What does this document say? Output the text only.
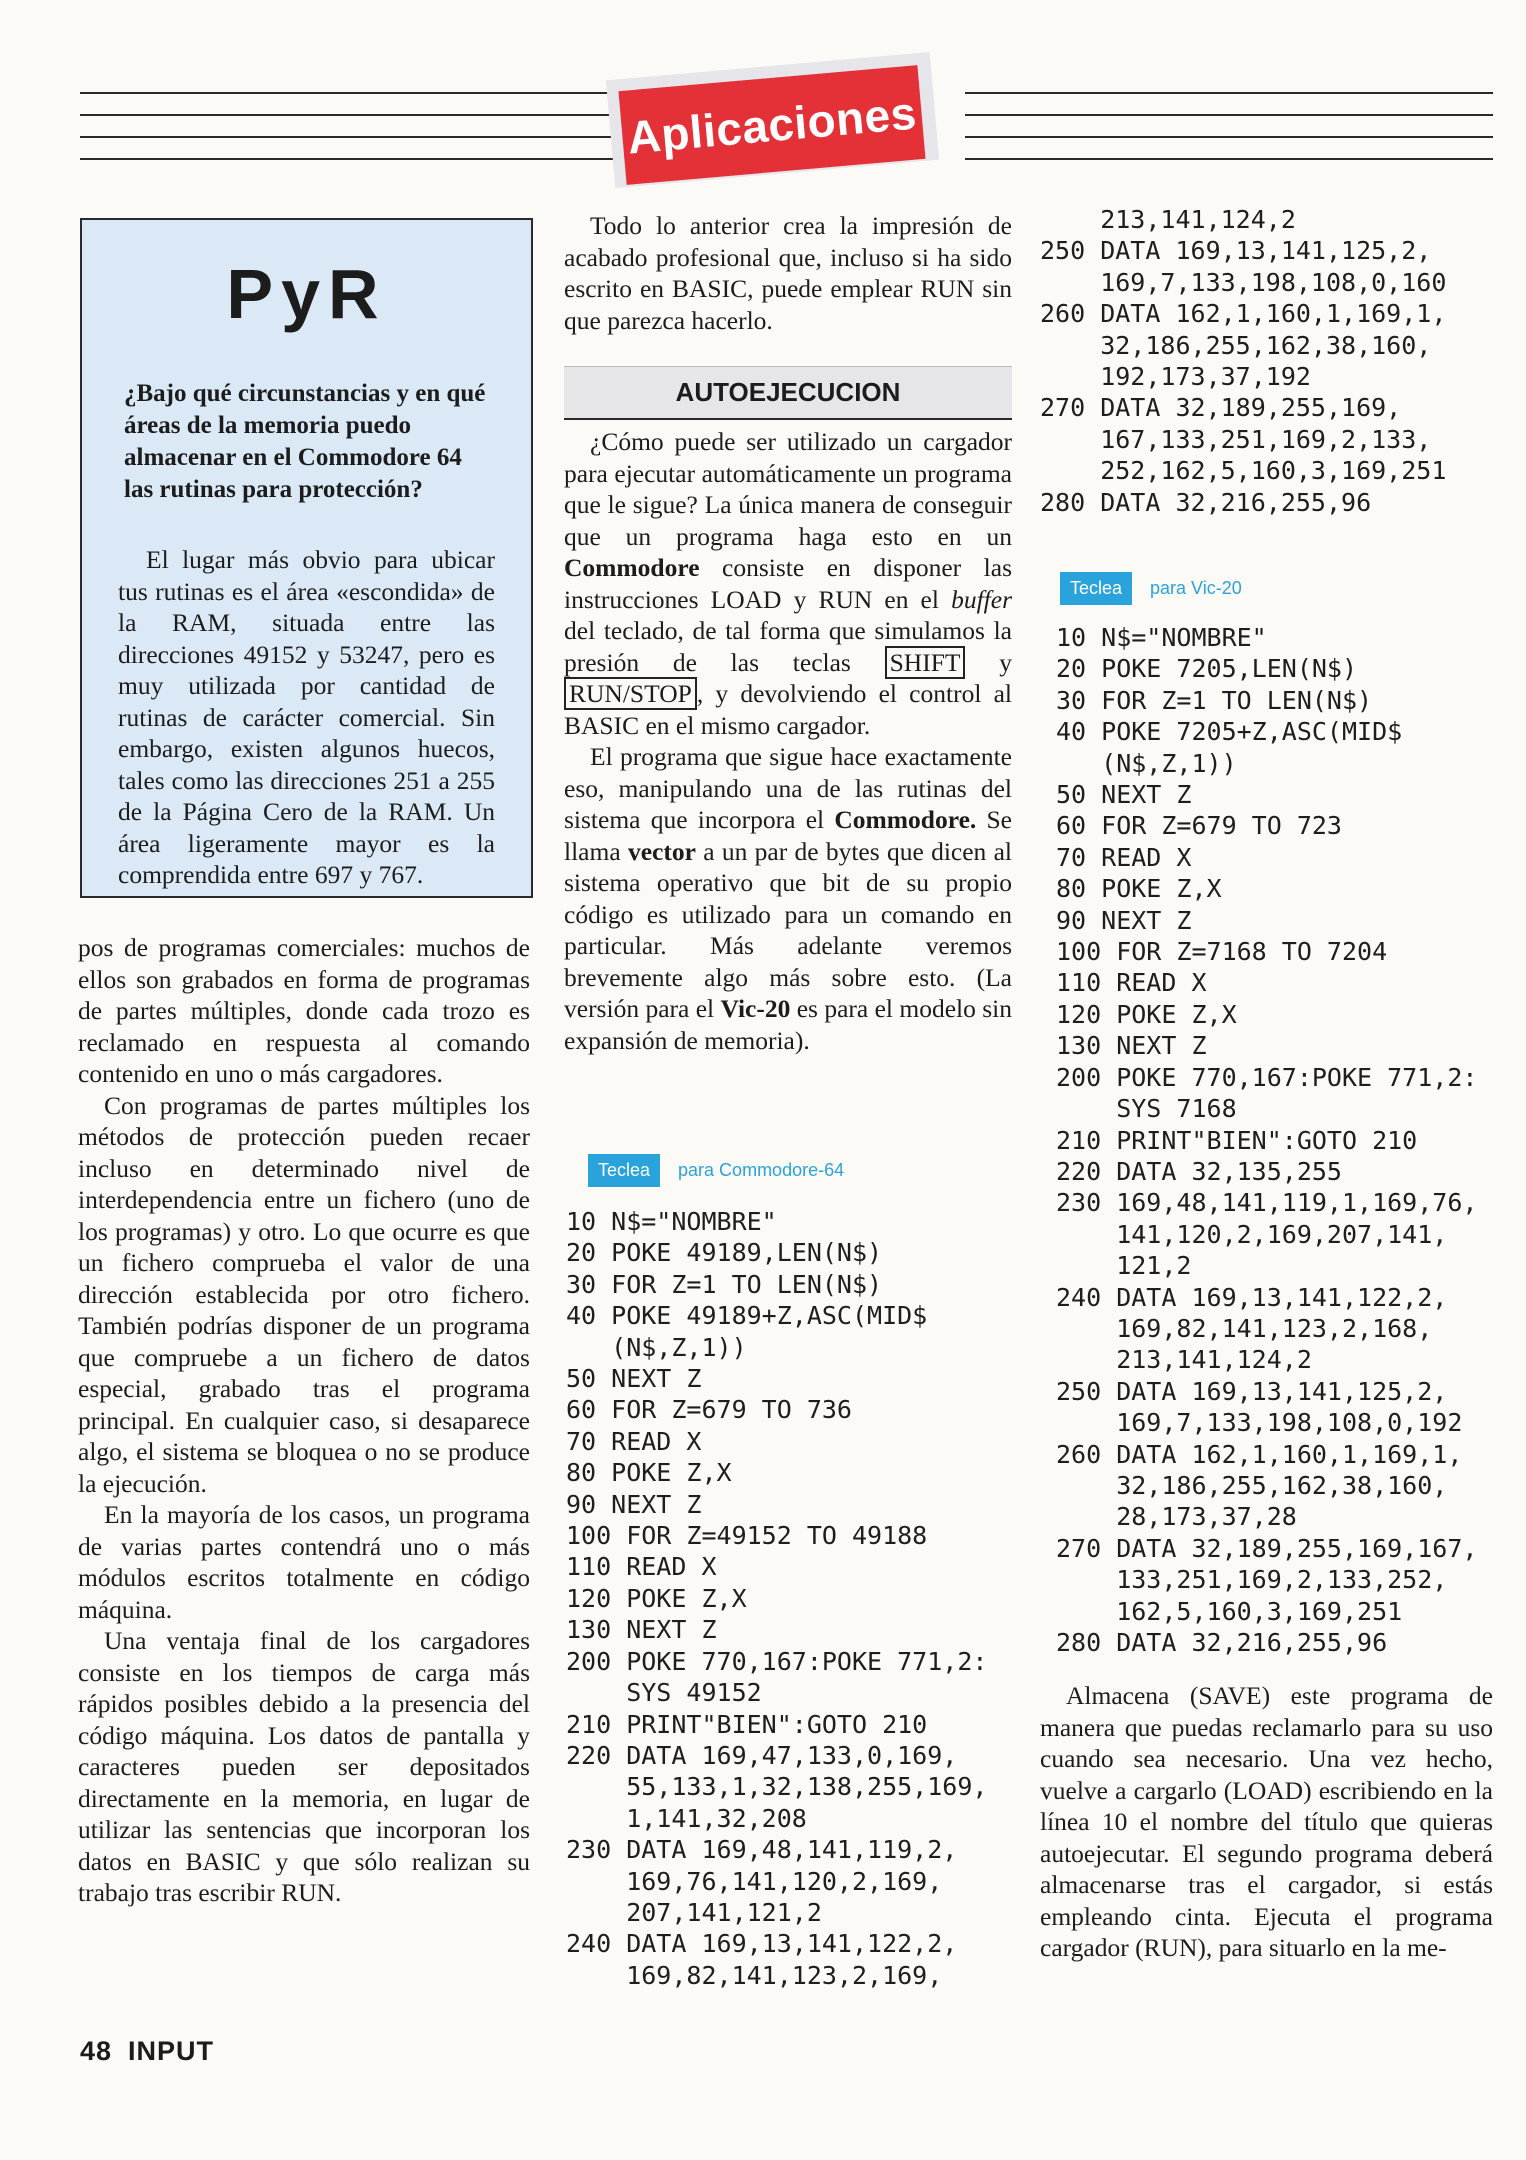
Aplicaciones
PyR
¿Bajo qué circunstancias y en qué áreas de la memoria puedo almacenar en el Commodore 64 las rutinas para protección?
El lugar más obvio para ubicar tus rutinas es el área «escondida» de la RAM, situada entre las direcciones 49152 y 53247, pero es muy utilizada por cantidad de rutinas de carácter comercial. Sin embargo, existen algunos huecos, tales como las direcciones 251 a 255 de la Página Cero de la RAM. Un área ligeramente mayor es la comprendida entre 697 y 767.

pos de programas comerciales: muchos de ellos son grabados en forma de programas de partes múltiples, donde cada trozo es reclamado en respuesta al comando contenido en uno o más cargadores.

Con programas de partes múltiples los métodos de protección pueden recaer incluso en determinado nivel de interdependencia entre un fichero (uno de los programas) y otro. Lo que ocurre es que un fichero comprueba el valor de una dirección establecida por otro fichero. También podrías disponer de un programa que compruebe a un fichero de datos especial, grabado tras el programa principal. En cualquier caso, si desaparece algo, el sistema se bloquea o no se produce la ejecución.

En la mayoría de los casos, un programa de varias partes contendrá uno o más módulos escritos totalmente en código máquina.

Una ventaja final de los cargadores consiste en los tiempos de carga más rápidos posibles debido a la presencia del código máquina. Los datos de pantalla y caracteres pueden ser depositados directamente en la memoria, en lugar de utilizar las sentencias que incorporan los datos en BASIC y que sólo realizan su trabajo tras escribir RUN.

Todo lo anterior crea la impresión de acabado profesional que, incluso si ha sido escrito en BASIC, puede emplear RUN sin que parezca hacerlo.

AUTOEJECUCION

¿Cómo puede ser utilizado un cargador para ejecutar automáticamente un programa que le sigue? La única manera de conseguir que un programa haga esto en un Commodore consiste en disponer las instrucciones LOAD y RUN en el buffer del teclado, de tal forma que simulamos la presión de las teclas SHIFT y RUN/STOP , y devolviendo el control al BASIC en el mismo cargador.

El programa que sigue hace exactamente eso, manipulando una de las rutinas del sistema que incorpora el Commodore. Se llama vector a un par de bytes que dicen al sistema operativo que bit de su propio código es utilizado para un comando en particular. Más adelante veremos brevemente algo más sobre esto. (La versión para el Vic-20 es para el modelo sin expansión de memoria).

Teclea	para Commodore-64
10 N$="NOMBRE"
20 POKE 49189,LEN(N$)
30 FOR Z=1 TO LEN(N$)
40 POKE 49189+Z,ASC(MID$
(N$,Z,1))
50 NEXT Z
60 FOR Z=679 TO 736
70 READ X
80 POKE Z,X
90 NEXT Z
100 FOR Z=49152 TO 49188
110 READ X
120 POKE Z,X
130 NEXT Z
200 POKE 770,167:POKE 771,2:
SYS 49152
210 PRINT"BIEN":GOTO 210
220 DATA 169,47,133,0,169,
55,133,1,32,138,255,169,
1,141,32,208
230 DATA 169,48,141,119,2,
169,76,141,120,2,169,
207,141,121,2
240 DATA 169,13,141,122,2,
169,82,141,123,2,169,
213,141,124,2
250 DATA 169,13,141,125,2,
169,7,133,198,108,0,160
260 DATA 162,1,160,1,169,1,
32,186,255,162,38,160,
192,173,37,192
270 DATA 32,189,255,169,
167,133,251,169,2,133,
252,162,5,160,3,169,251
280 DATA 32,216,255,96
Teclea	para Vic-20
10 N$="NOMBRE"
20 POKE 7205,LEN(N$)
30 FOR Z=1 TO LEN(N$)
40 POKE 7205+Z,ASC(MID$
(N$,Z,1))
50 NEXT Z
60 FOR Z=679 TO 723
70 READ X
80 POKE Z,X
90 NEXT Z
100 FOR Z=7168 TO 7204
110 READ X
120 POKE Z,X
130 NEXT Z
200 POKE 770,167:POKE 771,2:
SYS 7168
210 PRINT"BIEN":GOTO 210
220 DATA 32,135,255
230 169,48,141,119,1,169,76,
141,120,2,169,207,141,
121,2
240 DATA 169,13,141,122,2,
169,82,141,123,2,168,
213,141,124,2
250 DATA 169,13,141,125,2,
169,7,133,198,108,0,192
260 DATA 162,1,160,1,169,1,
32,186,255,162,38,160,
28,173,37,28
270 DATA 32,189,255,169,167,
133,251,169,2,133,252,
162,5,160,3,169,251
280 DATA 32,216,255,96

Almacena (SAVE) este programa de manera que puedas reclamarlo para su uso cuando sea necesario. Una vez hecho, vuelve a cargarlo (LOAD) escribiendo en la línea 10 el nombre del título que quieras autoejecutar. El segundo programa deberá almacenarse tras el cargador, si estás empleando cinta. Ejecuta el programa cargador (RUN), para situarlo en la me-

48 INPUT
